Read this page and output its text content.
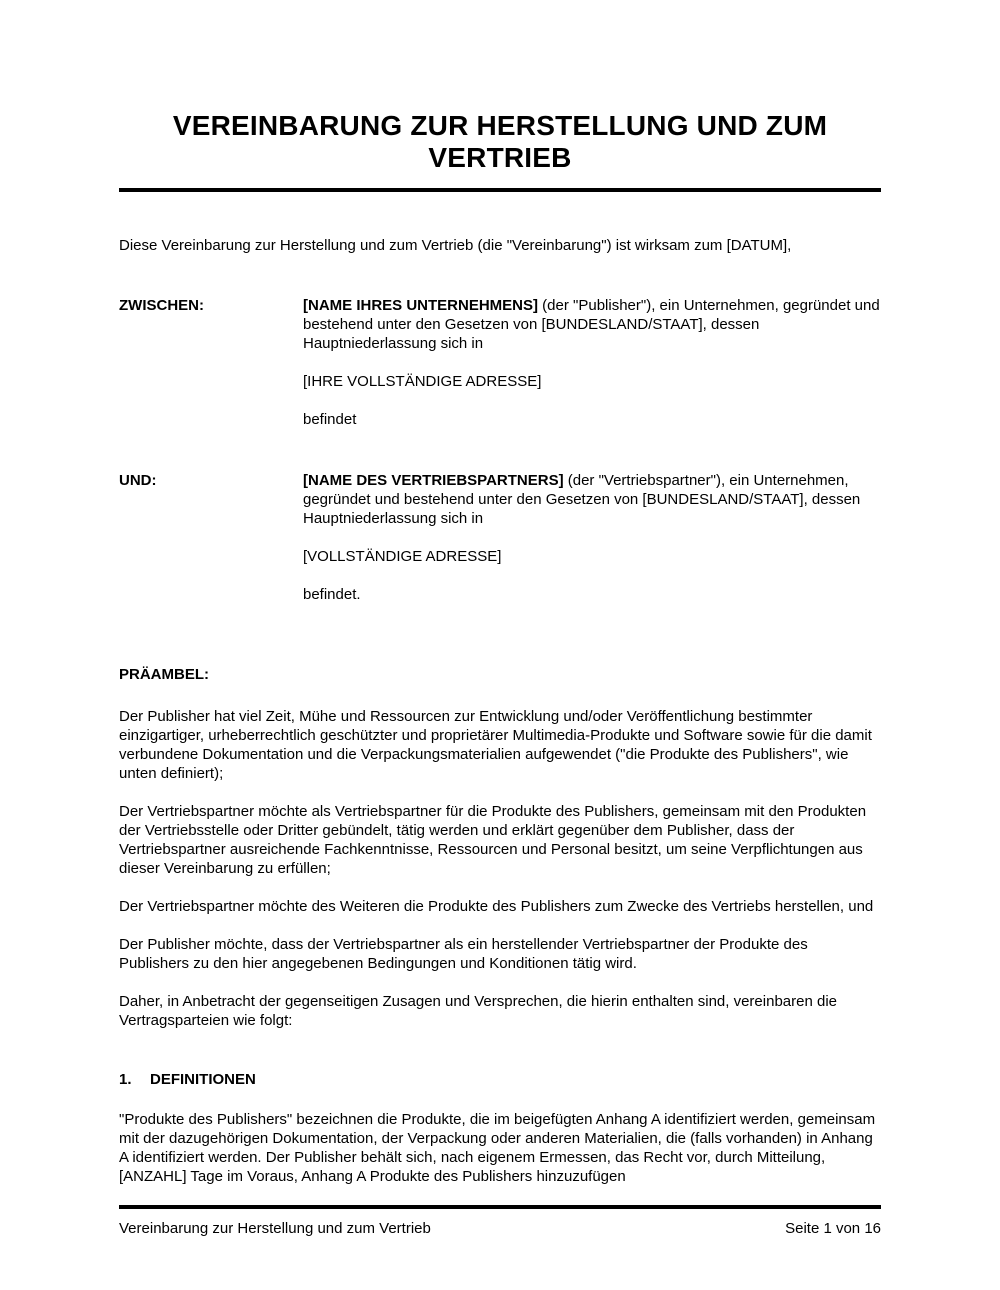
VEREINBARUNG ZUR HERSTELLUNG UND ZUM VERTRIEB

Diese Vereinbarung zur Herstellung und zum Vertrieb (die "Vereinbarung") ist wirksam zum [DATUM],

ZWISCHEN:	[NAME IHRES UNTERNEHMENS] (der "Publisher"), ein Unternehmen, gegründet und bestehend unter den Gesetzen von [BUNDESLAND/STAAT], dessen Hauptniederlassung sich in

[IHRE VOLLSTÄNDIGE ADRESSE]

befindet

UND:	[NAME DES VERTRIEBSPARTNERS] (der "Vertriebspartner"), ein Unternehmen, gegründet und bestehend unter den Gesetzen von [BUNDESLAND/STAAT], dessen Hauptniederlassung sich in

[VOLLSTÄNDIGE ADRESSE]

befindet.

PRÄAMBEL:

Der Publisher hat viel Zeit, Mühe und Ressourcen zur Entwicklung und/oder Veröffentlichung bestimmter einzigartiger, urheberrechtlich geschützter und proprietärer Multimedia-Produkte und Software sowie für die damit verbundene Dokumentation und die Verpackungsmaterialien aufgewendet ("die Produkte des Publishers", wie unten definiert);

Der Vertriebspartner möchte als Vertriebspartner für die Produkte des Publishers, gemeinsam mit den Produkten der Vertriebsstelle oder Dritter gebündelt, tätig werden und erklärt gegenüber dem Publisher, dass der Vertriebspartner ausreichende Fachkenntnisse, Ressourcen und Personal besitzt, um seine Verpflichtungen aus dieser Vereinbarung zu erfüllen;

Der Vertriebspartner möchte des Weiteren die Produkte des Publishers zum Zwecke des Vertriebs herstellen, und

Der Publisher möchte, dass der Vertriebspartner als ein herstellender Vertriebspartner der Produkte des Publishers zu den hier angegebenen Bedingungen und Konditionen tätig wird.

Daher, in Anbetracht der gegenseitigen Zusagen und Versprechen, die hierin enthalten sind, vereinbaren die Vertragsparteien wie folgt:

1. DEFINITIONEN

"Produkte des Publishers" bezeichnen die Produkte, die im beigefügten Anhang A identifiziert werden, gemeinsam mit der dazugehörigen Dokumentation, der Verpackung oder anderen Materialien, die (falls vorhanden) in Anhang A identifiziert werden. Der Publisher behält sich, nach eigenem Ermessen, das Recht vor, durch Mitteilung, [ANZAHL] Tage im Voraus, Anhang A Produkte des Publishers hinzuzufügen

Vereinbarung zur Herstellung und zum Vertrieb	Seite 1 von 16
